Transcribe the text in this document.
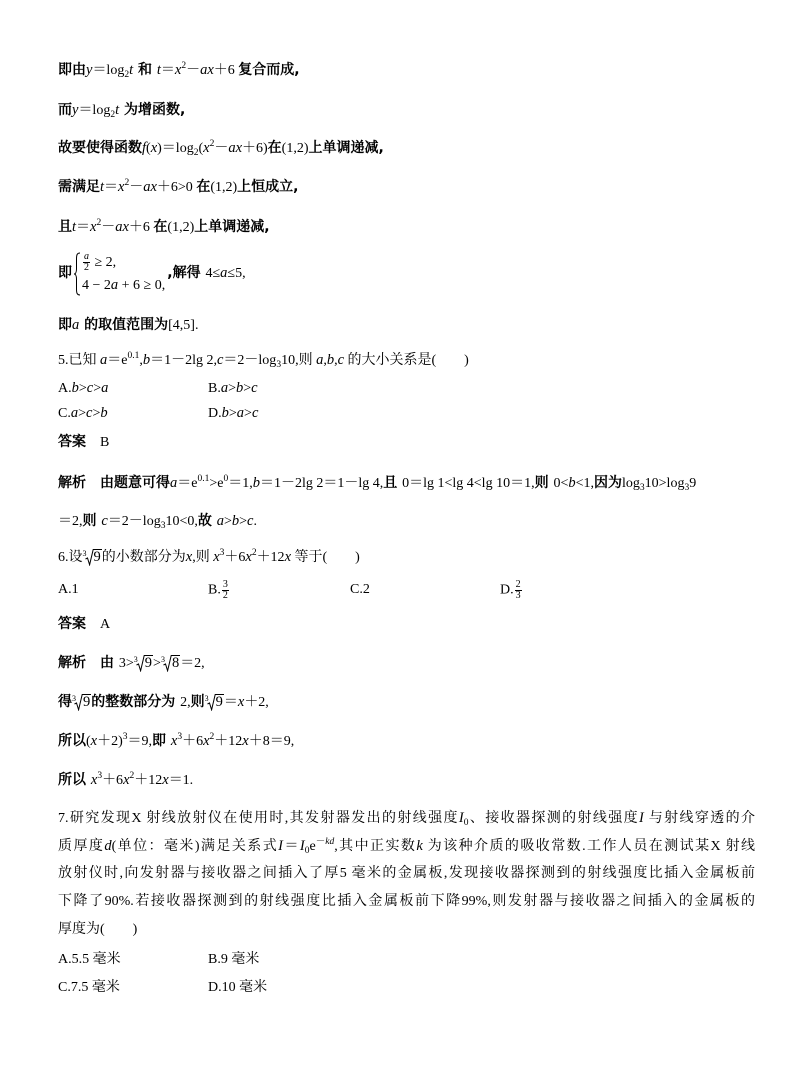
即由$y=\log_2t$ 和 $t=x^2-ax+6$ 复合而成,
而$y=\log_2t$ 为增函数,
故要使得函数$f(x)=\log_2(x^2-ax+6)$在(1,2)上单调递减,
需满足$t=x^2-ax+6>0$ 在(1,2)上恒成立,
且$t=x^2-ax+6$ 在(1,2)上单调递减,
即 $\frac{a}{2} \ge 2$,
4 − 2a + 6 ≥ 0,
,解得 4≤a≤5,
即a 的取值范围为[4,5].
5.已知 $a=e^{0.1},b=1-2\lg$ $2,c=2-\log_310$,则 a,b,c 的大小关系是(　　)
A.b>c>a	B.a>b>c
C.a>c>b	D.b>a>c
答案　B
解析　由题意可得$a=e^{0.1}>e^0=1,b=1-2\lg$ 2＝1－lg 4,且 0＝lg 1<lg 4<lg 10＝1,则 0<b<1,因为$\log_310>\log_39$
＝2,则 $c=2-\log_310<0$,故 a>b>c.
6.设 3 9的小数部分为x,则 $x^3+6x^2+12x$ 等于(　　)
A.1	B. $\frac{3}{2}$	C.2	D. $\frac{2}{3}$
答案　A
解析　由 3> 3 9> 3 8＝2,
得 3 9的整数部分为 2,则 3 9＝x＋2,
所以$(x+2)^3=9$,即 $x^3+6x^2+12x+8=9$,
所以 $x^3+6x^2+12x=1$.
7.研究发现X 射线放射仪在使用时,其发射器发出的射线强度$I_0$、接收器探测的射线强度I 与射线穿透的介
质厚度d(单位：毫米)满足关系式$I=I_0e^{-kd}$,其中正实数k 为该种介质的吸收常数.工作人员在测试某X 射线
放射仪时,向发射器与接收器之间插入了厚5 毫米的金属板,发现接收器探测到的射线强度比插入金属板前
下降了90%.若接收器探测到的射线强度比插入金属板前下降99%,则发射器与接收器之间插入的金属板的
厚度为(　　)
A.5.5 毫米	B.9 毫米
C.7.5 毫米	D.10 毫米
